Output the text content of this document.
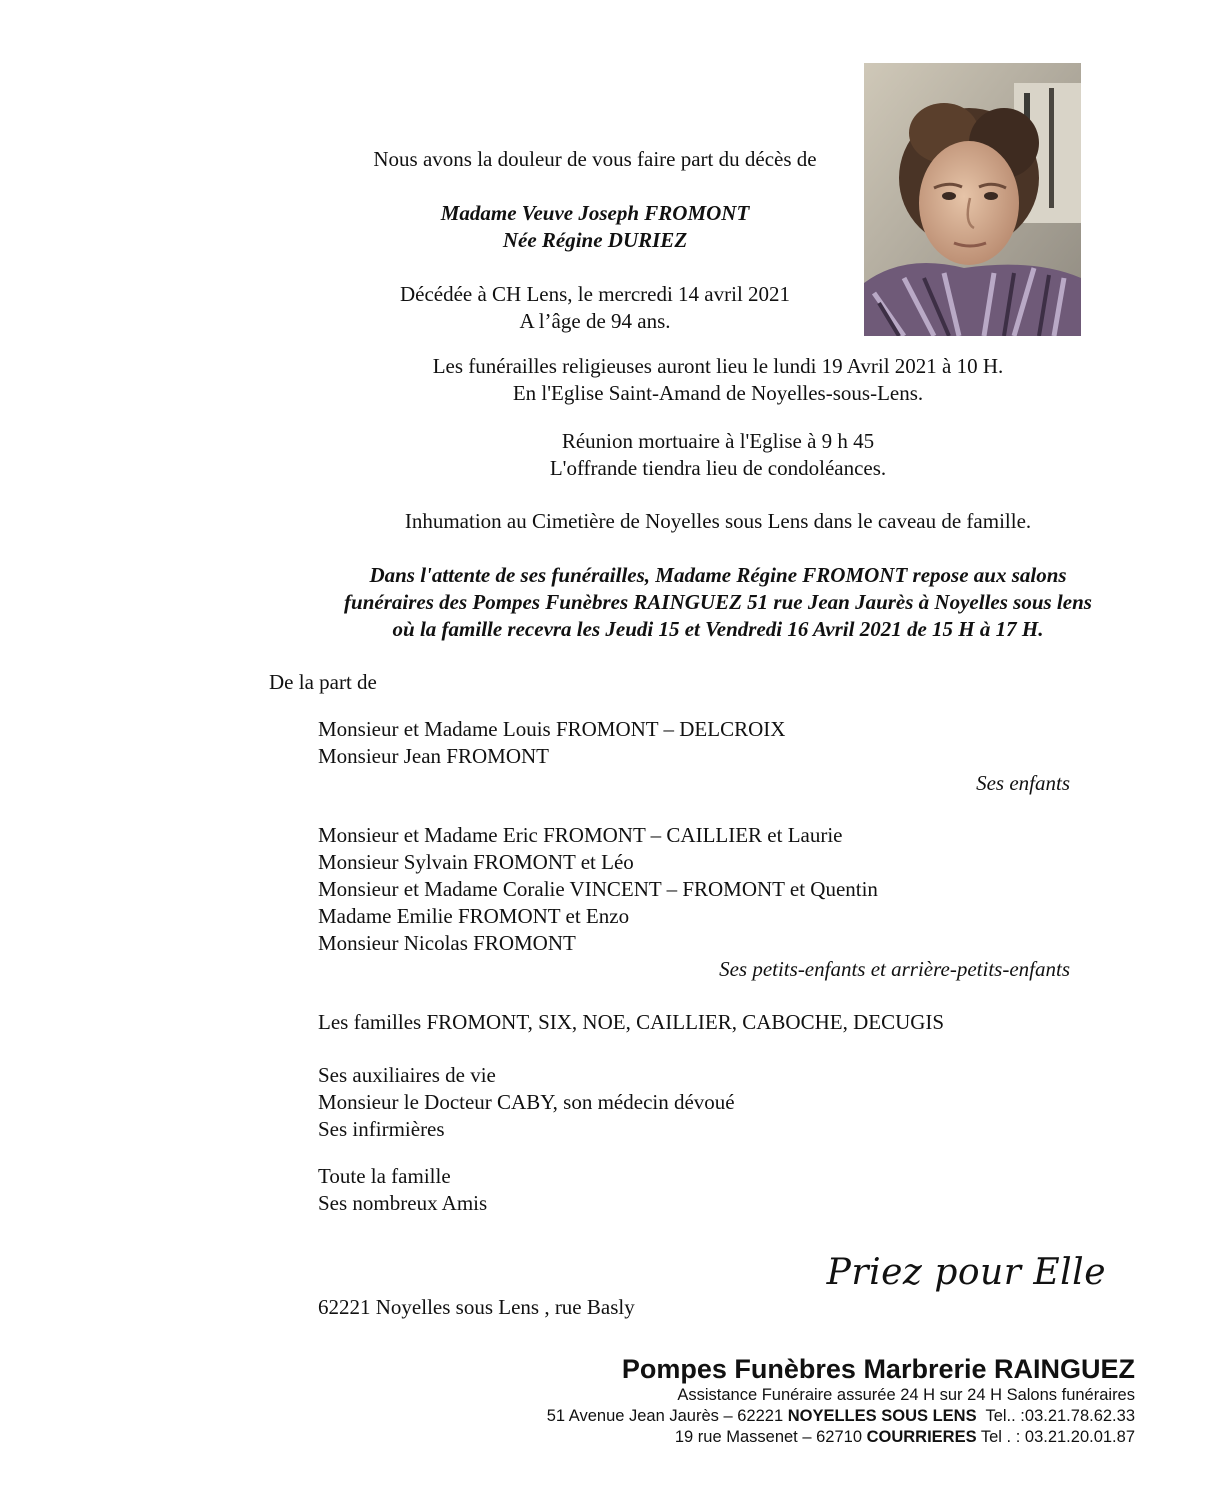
Nous avons la douleur de vous faire part du décès de
Madame Veuve Joseph FROMONT
Née Régine DURIEZ
Décédée à CH Lens, le mercredi 14 avril 2021
A l’âge de 94 ans.
Les funérailles religieuses auront lieu le lundi 19 Avril 2021 à 10 H.
En l'Eglise Saint-Amand de Noyelles-sous-Lens.
Réunion mortuaire à l'Eglise à 9 h 45
L'offrande tiendra lieu de condoléances.
Inhumation au Cimetière de Noyelles sous Lens dans le caveau de famille.
Dans l'attente de ses funérailles, Madame Régine FROMONT repose aux salons
funéraires des Pompes Funèbres RAINGUEZ 51 rue Jean Jaurès à Noyelles sous lens
où la famille recevra les Jeudi 15 et Vendredi 16 Avril 2021 de 15 H à 17 H.
De la part de
Monsieur et Madame Louis FROMONT – DELCROIX
Monsieur Jean FROMONT
Ses enfants
Monsieur et Madame Eric FROMONT – CAILLIER et Laurie
Monsieur Sylvain FROMONT et Léo
Monsieur et Madame Coralie VINCENT – FROMONT et Quentin
Madame Emilie FROMONT et Enzo
Monsieur Nicolas FROMONT
Ses petits-enfants et arrière-petits-enfants
Les familles FROMONT, SIX, NOE, CAILLIER, CABOCHE, DECUGIS
Ses auxiliaires de vie
Monsieur le Docteur CABY, son médecin dévoué
Ses infirmières
Toute la famille
Ses nombreux Amis
Priez pour Elle
62221 Noyelles sous Lens , rue Basly
Pompes Funèbres Marbrerie RAINGUEZ
Assistance Funéraire assurée 24 H sur 24 H Salons funéraires
51 Avenue Jean Jaurès – 62221 NOYELLES SOUS LENS  Tel.. :03.21.78.62.33
19 rue Massenet – 62710 COURRIERES Tel . : 03.21.20.01.87
